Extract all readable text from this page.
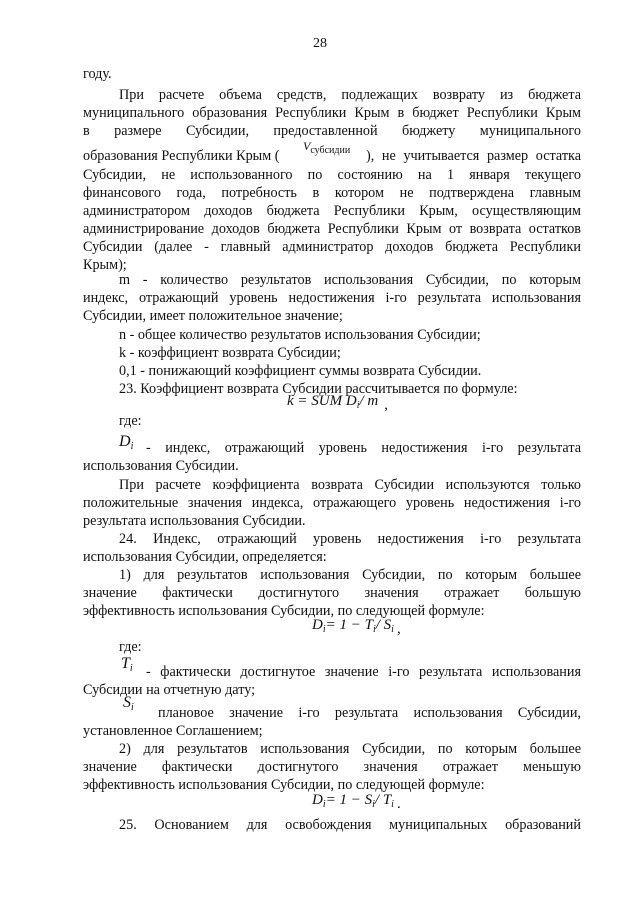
28
году.
При расчете объема средств, подлежащих возврату из бюджета
муниципального образования Республики Крым в бюджет Республики Крым
в размере Субсидии, предоставленной бюджету муниципального
образования Республики Крым (
$V_{субсидии}$ ), не учитывается размер остатка
Субсидии, не использованного по состоянию на 1 января текущего
финансового года, потребность в котором не подтверждена главным
администратором доходов бюджета Республики Крым, осуществляющим
администрирование доходов бюджета Республики Крым от возврата остатков
Субсидии (далее - главный администратор доходов бюджета Республики
Крым);
m - количество результатов использования Субсидии, по которым
индекс, отражающий уровень недостижения i-го результата использования
Субсидии, имеет положительное значение;
n - общее количество результатов использования Субсидии;
k - коэффициент возврата Субсидии;
0,1 - понижающий коэффициент суммы возврата Субсидии.
23. Коэффициент возврата Субсидии рассчитывается по формуле:
k = SUM $D_i/$ m ,
где:
$D_i$ - индекс, отражающий уровень недостижения i-го результата
использования Субсидии.
При расчете коэффициента возврата Субсидии используются только
положительные значения индекса, отражающего уровень недостижения i-го
результата использования Субсидии.
24. Индекс, отражающий уровень недостижения i-го результата
использования Субсидии, определяется:
1) для результатов использования Субсидии, по которым большее
значение фактически достигнутого значения отражает большую
эффективность использования Субсидии, по следующей формуле:
$D_i= 1 - T_i/$ $S_i$ ,
где:
$T_i$ - фактически достигнутое значение i-го результата использования
Субсидии на отчетную дату;
$S_i$ плановое значение i-го результата использования Субсидии,
установленное Соглашением;
2) для результатов использования Субсидии, по которым большее
значение фактически достигнутого значения отражает меньшую
эффективность использования Субсидии, по следующей формуле:
$D_i= 1 - S_i/$ $T_i$ .
25. Основанием для освобождения муниципальных образований
